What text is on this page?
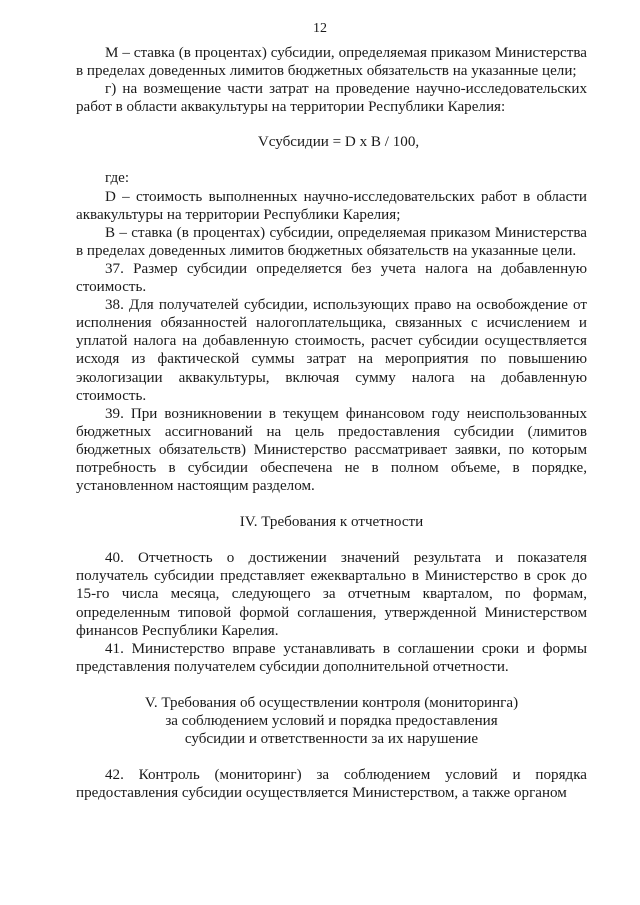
12

М – ставка (в процентах) субсидии, определяемая приказом Министерства в пределах доведенных лимитов бюджетных обязательств на указанные цели;

г) на возмещение части затрат на проведение научно-исследовательских работ в области аквакультуры на территории Республики Карелия:

Vсубсидии = D х В / 100,

где:

D – стоимость выполненных научно-исследовательских работ в области аквакультуры на территории Республики Карелия;

В – ставка (в процентах) субсидии, определяемая приказом Министерства в пределах доведенных лимитов бюджетных обязательств на указанные цели.

37. Размер субсидии определяется без учета налога на добавленную стоимость.

38. Для получателей субсидии, использующих право на освобождение от исполнения обязанностей налогоплательщика, связанных с исчислением и уплатой налога на добавленную стоимость, расчет субсидии осуществляется исходя из фактической суммы затрат на мероприятия по повышению экологизации аквакультуры, включая сумму налога на добавленную стоимость.

39. При возникновении в текущем финансовом году неиспользованных бюджетных ассигнований на цель предоставления субсидии (лимитов бюджетных обязательств) Министерство рассматривает заявки, по которым потребность в субсидии обеспечена не в полном объеме, в порядке, установленном настоящим разделом.

IV. Требования к отчетности

40. Отчетность о достижении значений результата и показателя получатель субсидии представляет ежеквартально в Министерство в срок до 15-го числа месяца, следующего за отчетным кварталом, по формам, определенным типовой формой соглашения, утвержденной Министерством финансов Республики Карелия.

41. Министерство вправе устанавливать в соглашении сроки и формы представления получателем субсидии дополнительной отчетности.

V. Требования об осуществлении контроля (мониторинга)

за соблюдением условий и порядка предоставления

субсидии и ответственности за их нарушение

42. Контроль (мониторинг) за соблюдением условий и порядка предоставления субсидии осуществляется Министерством, а также органом
